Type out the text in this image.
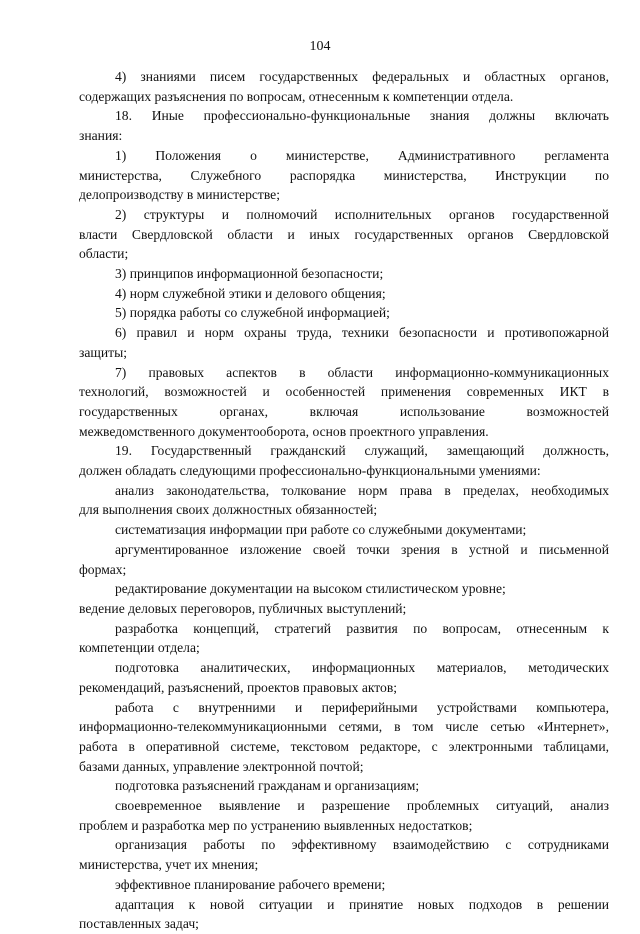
104
4) знаниями писем государственных федеральных и областных органов,
содержащих разъяснения по вопросам, отнесенным к компетенции отдела.
18. Иные профессионально-функциональные знания должны включать
знания:
1) Положения о министерстве, Административного регламента
министерства, Служебного распорядка министерства, Инструкции по
делопроизводству в министерстве;
2) структуры и полномочий исполнительных органов государственной
власти Свердловской области и иных государственных органов Свердловской
области;
3) принципов информационной безопасности;
4) норм служебной этики и делового общения;
5) порядка работы со служебной информацией;
6) правил и норм охраны труда, техники безопасности и противопожарной
защиты;
7) правовых аспектов в области информационно-коммуникационных
технологий, возможностей и особенностей применения современных ИКТ в
государственных органах, включая использование возможностей
межведомственного документооборота, основ проектного управления.
19. Государственный гражданский служащий, замещающий должность,
должен обладать следующими профессионально-функциональными умениями:
анализ законодательства, толкование норм права в пределах, необходимых
для выполнения своих должностных обязанностей;
систематизация информации при работе со служебными документами;
аргументированное изложение своей точки зрения в устной и письменной
формах;
редактирование документации на высоком стилистическом уровне;
ведение деловых переговоров, публичных выступлений;
разработка концепций, стратегий развития по вопросам, отнесенным к
компетенции отдела;
подготовка аналитических, информационных материалов, методических
рекомендаций, разъяснений, проектов правовых актов;
работа с внутренними и периферийными устройствами компьютера,
информационно-телекоммуникационными сетями, в том числе сетью «Интернет»,
работа в оперативной системе, текстовом редакторе, с электронными таблицами,
базами данных, управление электронной почтой;
подготовка разъяснений гражданам и организациям;
своевременное выявление и разрешение проблемных ситуаций, анализ
проблем и разработка мер по устранению выявленных недостатков;
организация работы по эффективному взаимодействию с сотрудниками
министерства, учет их мнения;
эффективное планирование рабочего времени;
адаптация к новой ситуации и принятие новых подходов в решении
поставленных задач;
